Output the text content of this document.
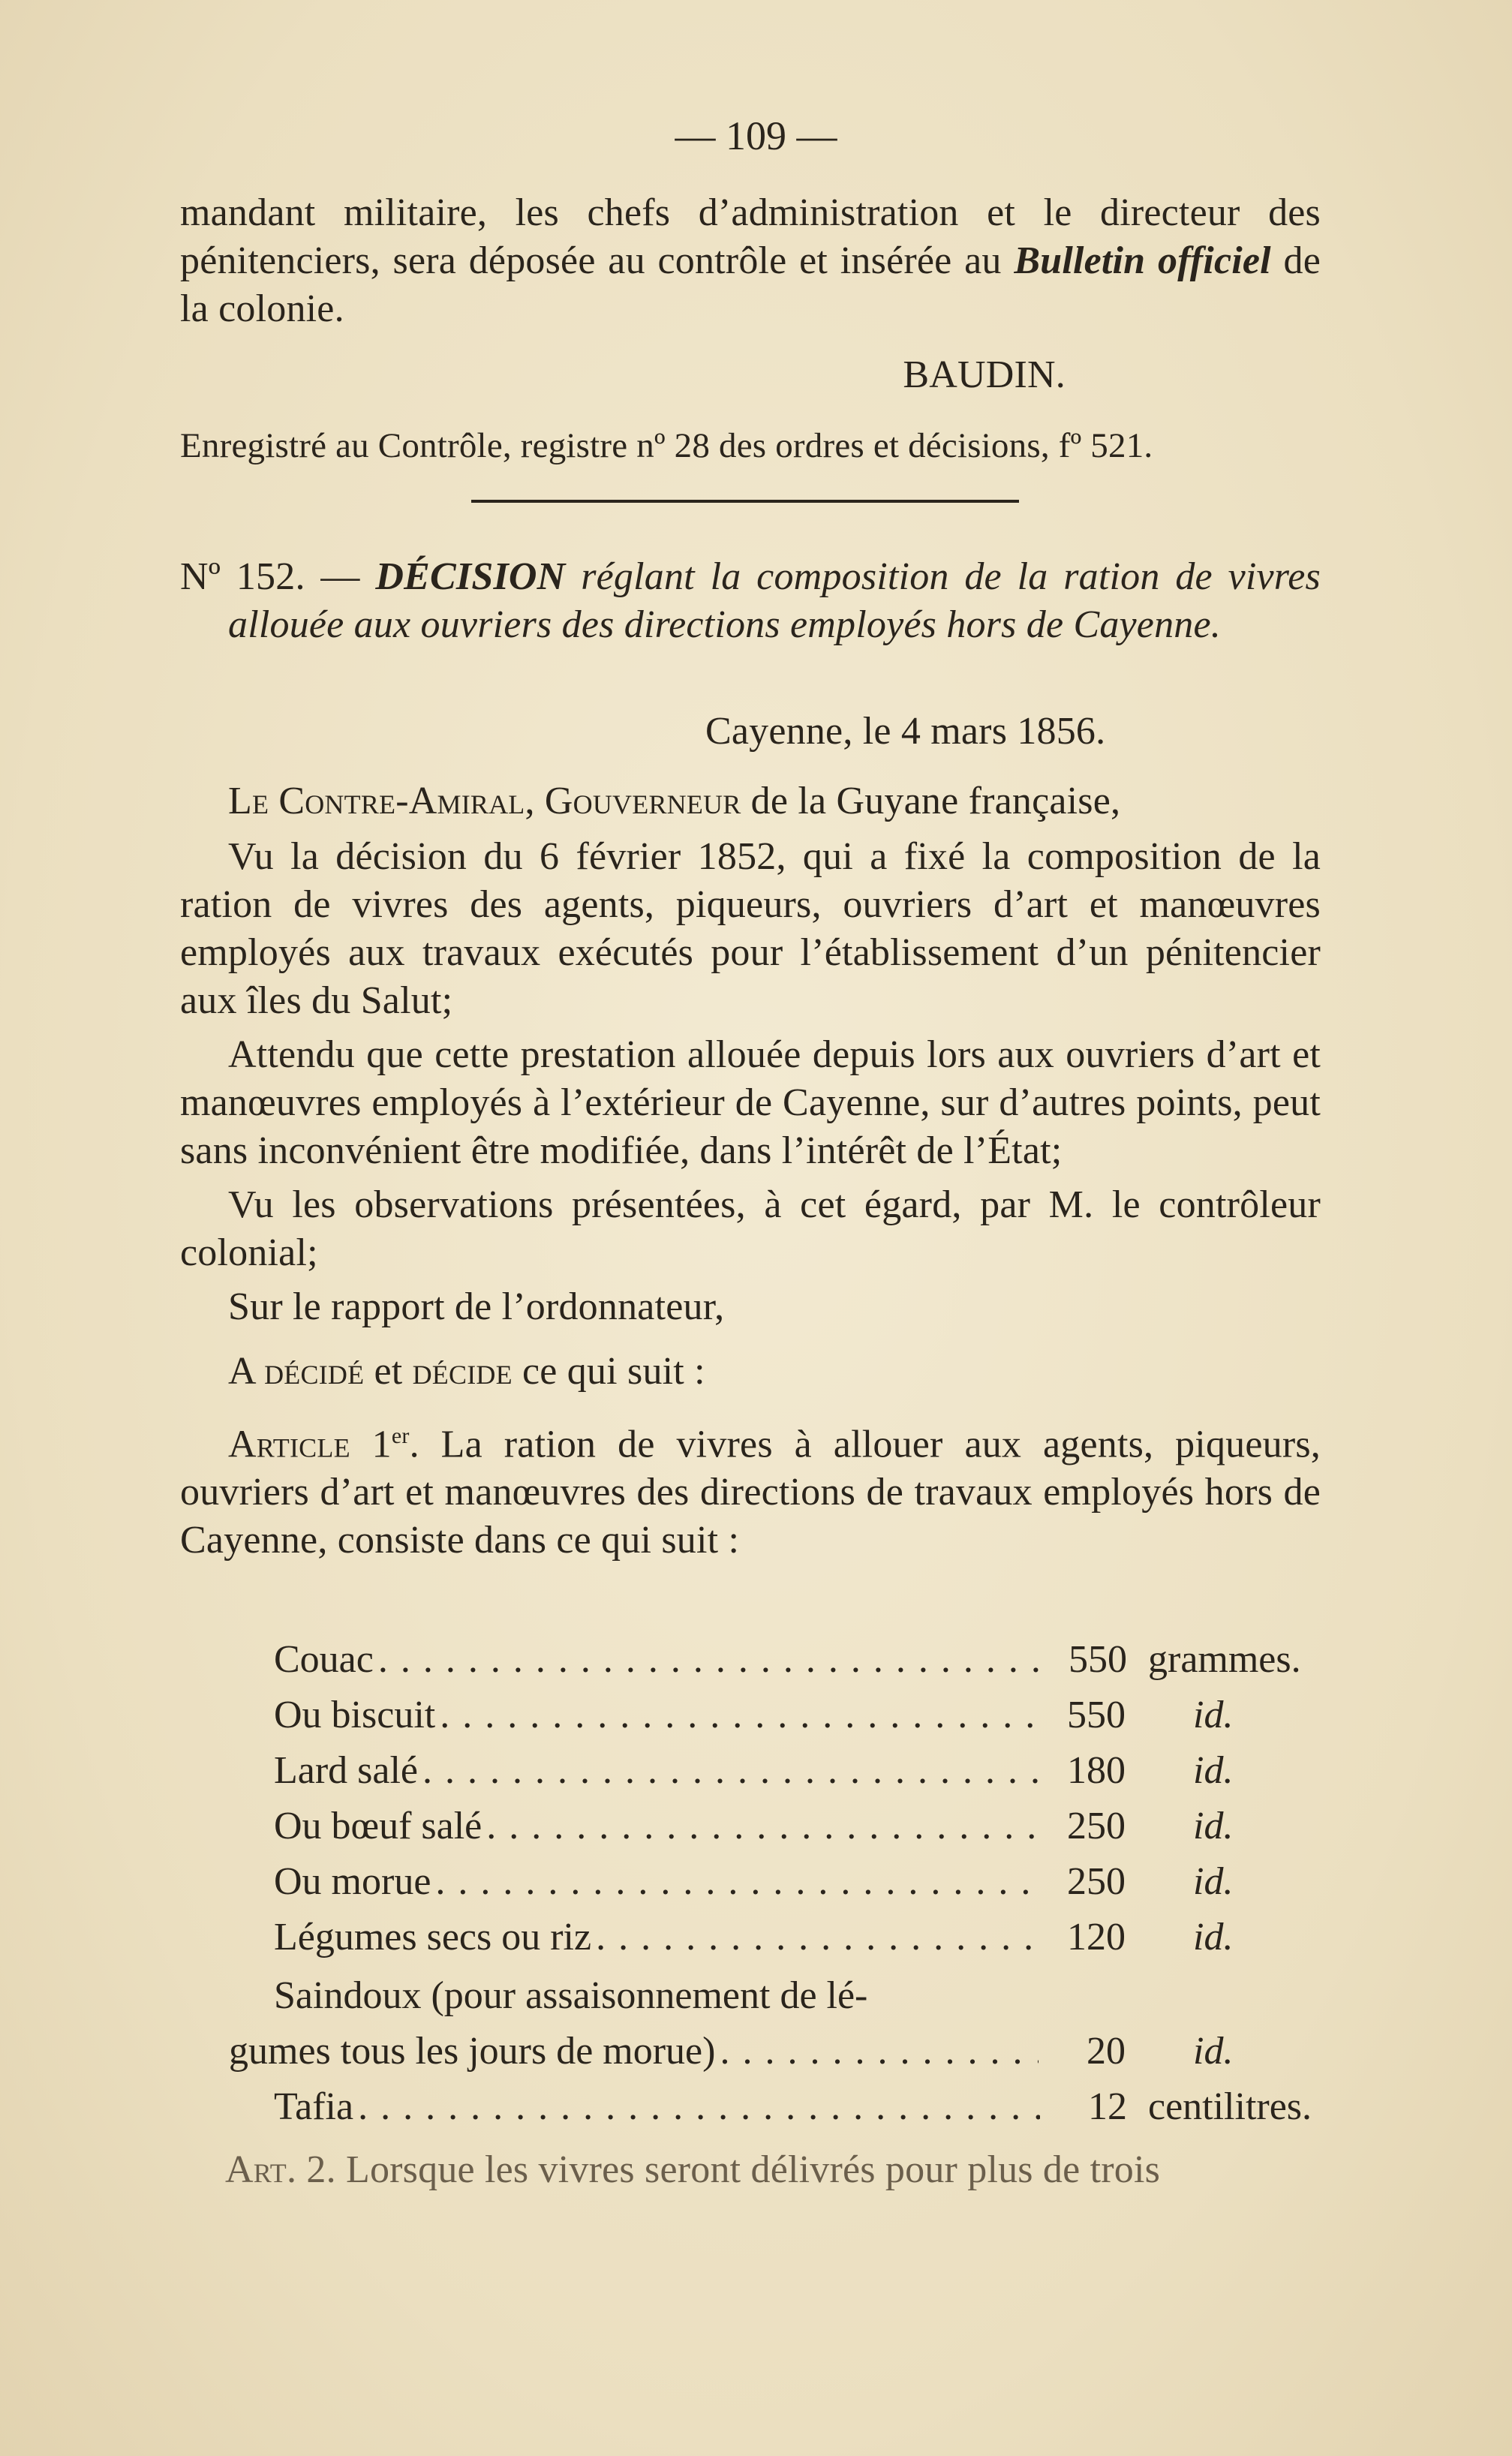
— 109 —

mandant militaire, les chefs d’administration et le directeur des pénitenciers, sera déposée au contrôle et insérée au Bulletin officiel de la colonie.

BAUDIN.
Enregistré au Contrôle, registre nº 28 des ordres et décisions, fº 521.

Nº 152. — DÉCISION réglant la composition de la ration de vivres allouée aux ouvriers des directions employés hors de Cayenne.

Cayenne, le 4 mars 1856.

Le Contre-Amiral, Gouverneur de la Guyane française,

Vu la décision du 6 février 1852, qui a fixé la composition de la ration de vivres des agents, piqueurs, ouvriers d’art et manœuvres employés aux travaux exécutés pour l’établissement d’un pénitencier aux îles du Salut;

Attendu que cette prestation allouée depuis lors aux ouvriers d’art et manœuvres employés à l’extérieur de Cayenne, sur d’autres points, peut sans inconvénient être modifiée, dans l’intérêt de l’État;

Vu les observations présentées, à cet égard, par M. le contrôleur colonial;

Sur le rapport de l’ordonnateur,

A décidé et décide ce qui suit :

Article 1er. La ration de vivres à allouer aux agents, piqueurs, ouvriers d’art et manœuvres des directions de travaux employés hors de Cayenne, consiste dans ce qui suit :

Couac . . .	550 grammes.
Ou biscuit . . .	550	id.
Lard salé . . .	180	id.
Ou bœuf salé . . .	250	id.
Ou morue . . .	250	id.
Légumes secs ou riz . . .	120	id.
Saindoux (pour assaisonnement de lé-
gumes tous les jours de morue) . . .	20	id.
Tafia . . .	12 centilitres.
Art. 2. Lorsque les vivres seront délivrés pour plus de trois
